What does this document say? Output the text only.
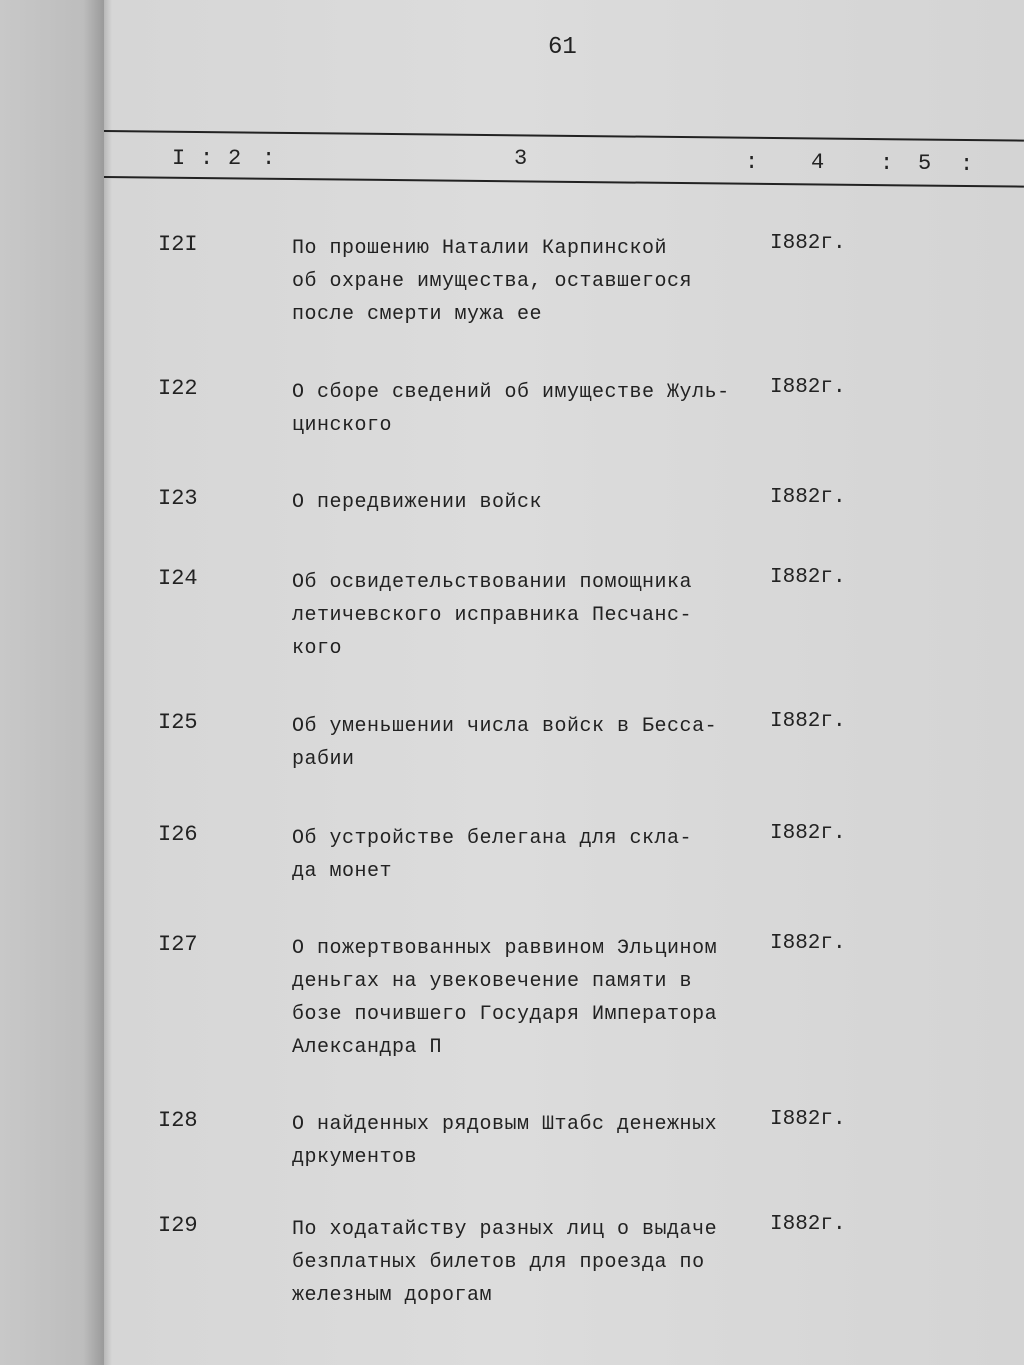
61
I : 2 :	3	: 4	: 5 :
I2I	По прошению Наталии Карпинской
об охране имущества, оставшегося
после смерти мужа ее
I882г.
I22	О сборе сведений об имуществе Жуль-
цинского
I882г.
I23	О передвижении войск	I882г.
I24	Об освидетельствовании помощника
летичевского исправника Песчанс-
кого
I882г.
I25	Об уменьшении числа войск в Бесса-
рабии
I882г.
I26	Об устройстве белегана для скла-
да монет
I882г.
I27	О пожертвованных раввином Эльцином
деньгах на увековечение памяти в
бозе почившего Государя Императора
Александра П
I882г.
I28	О найденных рядовым Штабс денежных
дркументов
I882г.
I29	По ходатайству разных лиц о выдаче
безплатных билетов для проезда по
железным дорогам
I882г.
